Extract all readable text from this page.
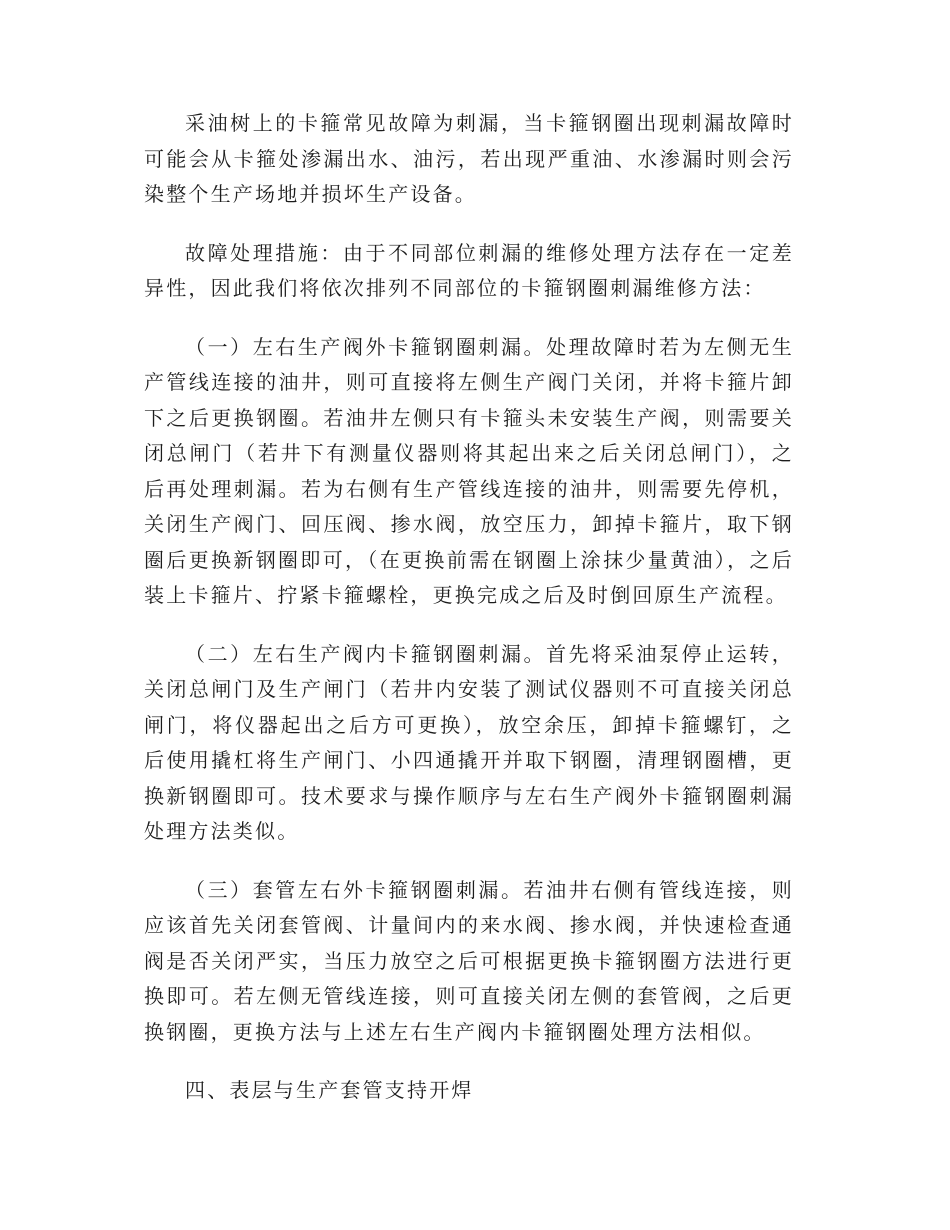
采油树上的卡箍常见故障为刺漏，当卡箍钢圈出现刺漏故障时可能会从卡箍处渗漏出水、油污，若出现严重油、水渗漏时则会污染整个生产场地并损坏生产设备。

故障处理措施：由于不同部位刺漏的维修处理方法存在一定差异性，因此我们将依次排列不同部位的卡箍钢圈刺漏维修方法：

（一）左右生产阀外卡箍钢圈刺漏。处理故障时若为左侧无生产管线连接的油井，则可直接将左侧生产阀门关闭，并将卡箍片卸下之后更换钢圈。若油井左侧只有卡箍头未安装生产阀，则需要关闭总闸门（若井下有测量仪器则将其起出来之后关闭总闸门），之后再处理刺漏。若为右侧有生产管线连接的油井，则需要先停机，关闭生产阀门、回压阀、掺水阀，放空压力，卸掉卡箍片，取下钢圈后更换新钢圈即可，（在更换前需在钢圈上涂抹少量黄油），之后装上卡箍片、拧紧卡箍螺栓，更换完成之后及时倒回原生产流程。

（二）左右生产阀内卡箍钢圈刺漏。首先将采油泵停止运转，关闭总闸门及生产闸门（若井内安装了测试仪器则不可直接关闭总闸门，将仪器起出之后方可更换），放空余压，卸掉卡箍螺钉，之后使用撬杠将生产闸门、小四通撬开并取下钢圈，清理钢圈槽，更换新钢圈即可。技术要求与操作顺序与左右生产阀外卡箍钢圈刺漏处理方法类似。

（三）套管左右外卡箍钢圈刺漏。若油井右侧有管线连接，则应该首先关闭套管阀、计量间内的来水阀、掺水阀，并快速检查通阀是否关闭严实，当压力放空之后可根据更换卡箍钢圈方法进行更换即可。若左侧无管线连接，则可直接关闭左侧的套管阀，之后更换钢圈，更换方法与上述左右生产阀内卡箍钢圈处理方法相似。

四、表层与生产套管支持开焊
